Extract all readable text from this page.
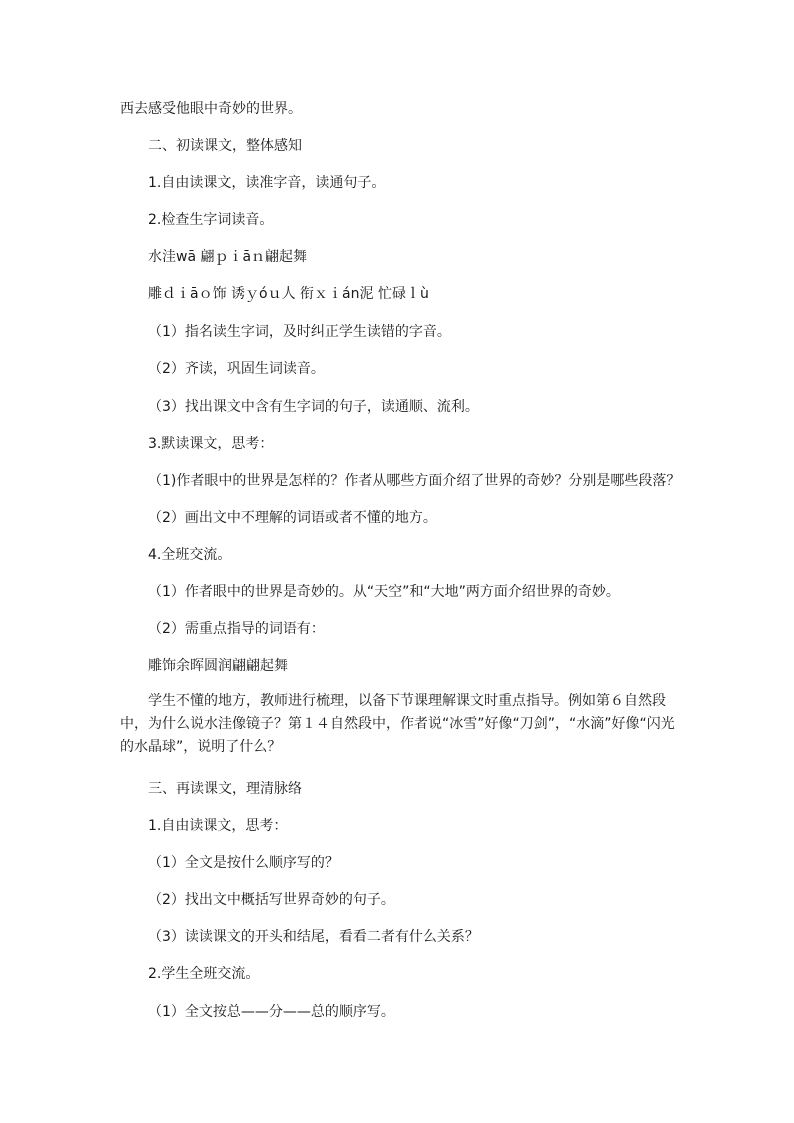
西去感受他眼中奇妙的世界。
二、初读课文，整体感知
1.自由读课文，读准字音，读通句子。
2.检查生字词读音。
水洼wā 翩ｐｉāｎ翩起舞
雕ｄｉāｏ饰 诱ｙóｕ人 衔ｘｉán泥 忙碌ｌù
（1）指名读生字词，及时纠正学生读错的字音。
（2）齐读，巩固生词读音。
（3）找出课文中含有生字词的句子，读通顺、流利。
3.默读课文，思考：
（1)作者眼中的世界是怎样的？作者从哪些方面介绍了世界的奇妙？分别是哪些段落？
（2）画出文中不理解的词语或者不懂的地方。
4.全班交流。
（1）作者眼中的世界是奇妙的。从“天空”和“大地”两方面介绍世界的奇妙。
（2）需重点指导的词语有：
雕饰余晖圆润翩翩起舞
学生不懂的地方，教师进行梳理，以备下节课理解课文时重点指导。例如第６自然段中，为什么说水洼像镜子？第１４自然段中，作者说“冰雪”好像“刀剑”，“水滴”好像“闪光的水晶球”，说明了什么？
三、再读课文，理清脉络
1.自由读课文，思考：
（1）全文是按什么顺序写的？
（2）找出文中概括写世界奇妙的句子。
（3）读读课文的开头和结尾，看看二者有什么关系？
2.学生全班交流。
（1）全文按总——分——总的顺序写。
